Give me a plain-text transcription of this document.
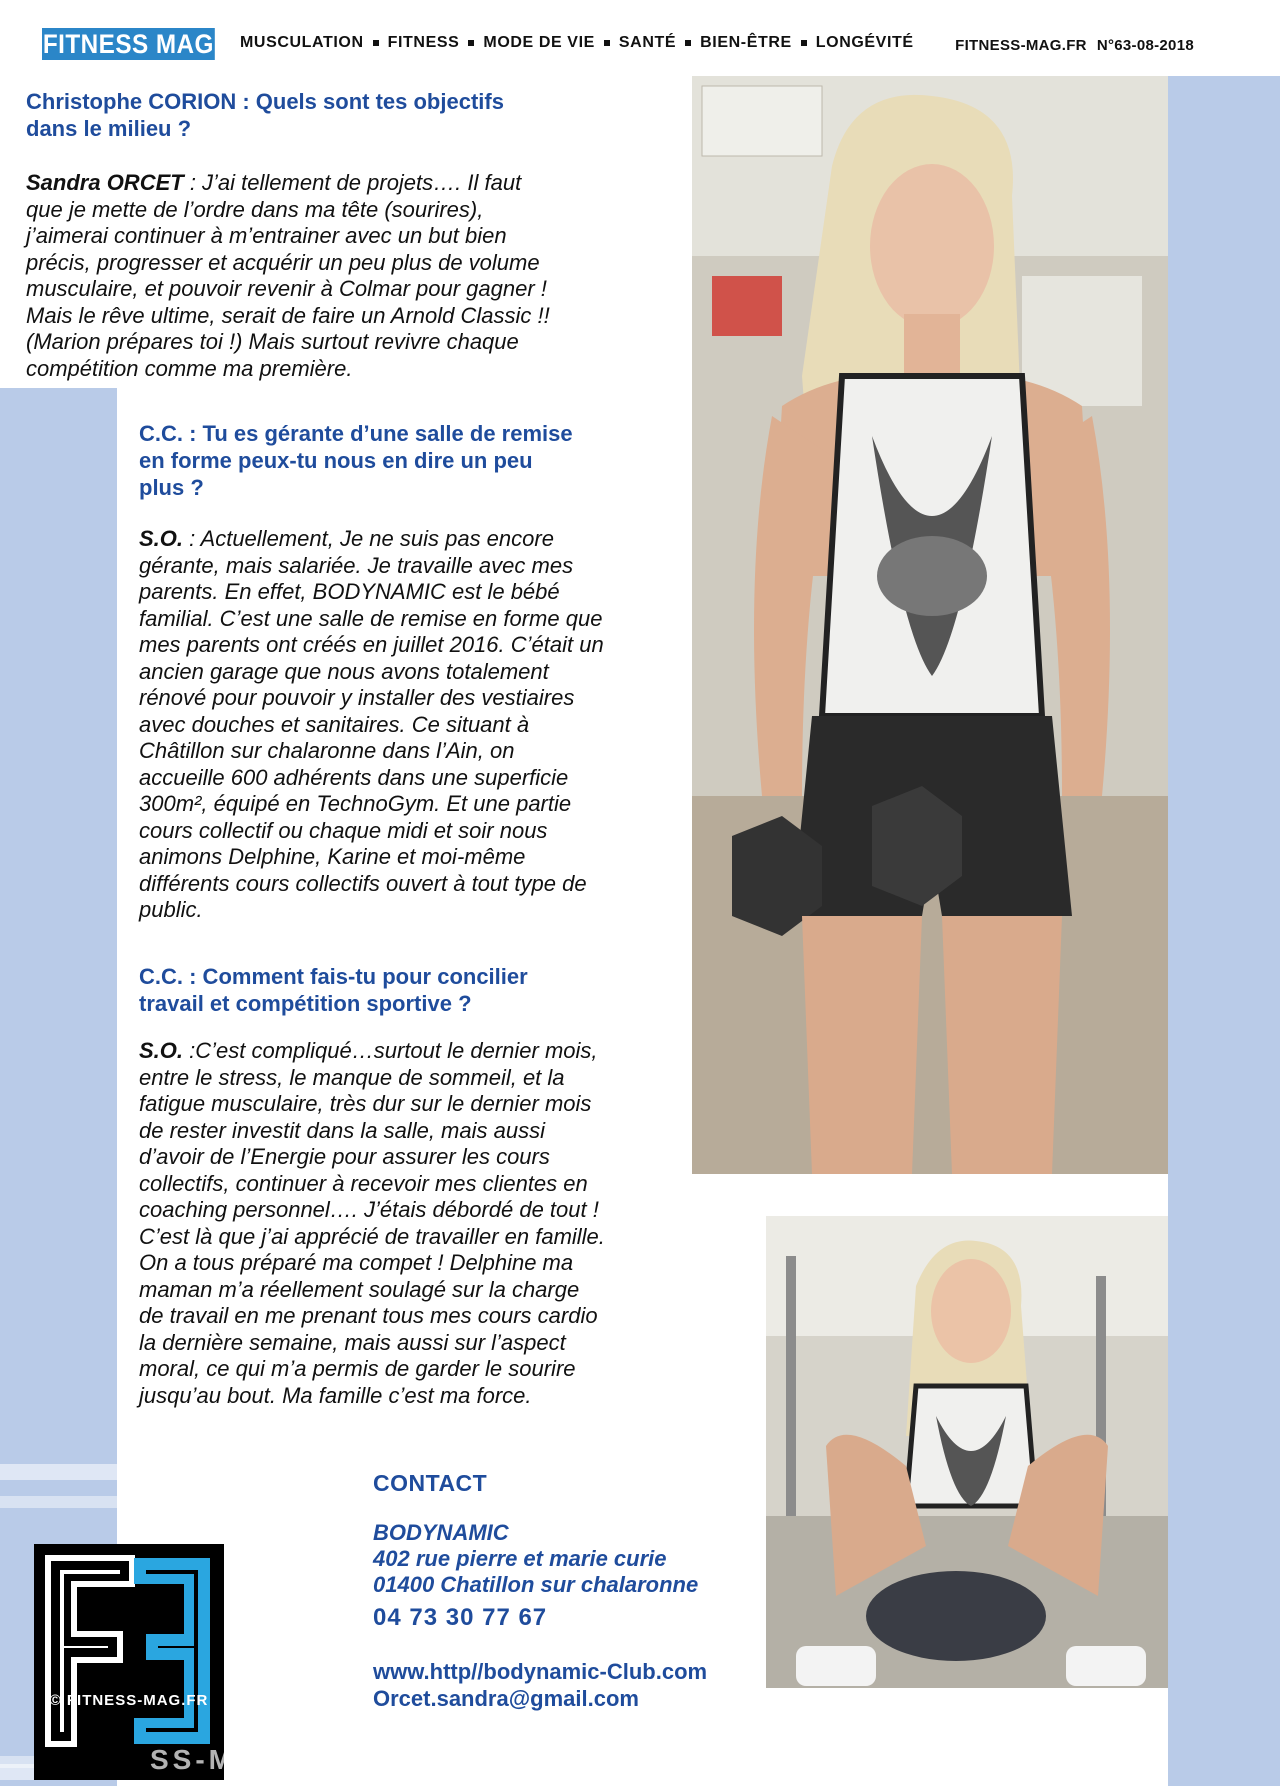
FITNESS MAG MUSCULATION FITNESS MODE DE VIE SANTÉ BIEN-ÊTRE LONGÉVITÉ	FITNESS-MAG.FR N°63-08-2018
Christophe CORION : Quels sont tes objectifs
dans le milieu ?
Sandra ORCET : J’ai tellement de projets…. Il faut
que je mette de l’ordre dans ma tête (sourires),
j’aimerai continuer à m’entrainer avec un but bien
précis, progresser et acquérir un peu plus de volume
musculaire, et pouvoir revenir à Colmar pour gagner !
Mais le rêve ultime, serait de faire un Arnold Classic !!
(Marion prépares toi !) Mais surtout revivre chaque
compétition comme ma première.
C.C. : Tu es gérante d’une salle de remise
en forme peux-tu nous en dire un peu
plus ?
S.O. : Actuellement, Je ne suis pas encore
gérante, mais salariée. Je travaille avec mes
parents. En effet, BODYNAMIC est le bébé
familial. C’est une salle de remise en forme que
mes parents ont créés en juillet 2016. C’était un
ancien garage que nous avons totalement
rénové pour pouvoir y installer des vestiaires
avec douches et sanitaires. Ce situant à
Châtillon sur chalaronne dans l’Ain, on
accueille 600 adhérents dans une superficie
300m², équipé en TechnoGym. Et une partie
cours collectif ou chaque midi et soir nous
animons Delphine, Karine et moi-même
différents cours collectifs ouvert à tout type de
public.
C.C. : Comment fais-tu pour concilier
travail et compétition sportive ?
S.O. :C’est compliqué…surtout le dernier mois,
entre le stress, le manque de sommeil, et la
fatigue musculaire, très dur sur le dernier mois
de rester investit dans la salle, mais aussi
d’avoir de l’Energie pour assurer les cours
collectifs, continuer à recevoir mes clientes en
coaching personnel…. J’étais débordé de tout !
C’est là que j’ai apprécié de travailler en famille.
On a tous préparé ma compet ! Delphine ma
maman m’a réellement soulagé sur la charge
de travail en me prenant tous mes cours cardio
la dernière semaine, mais aussi sur l’aspect
moral, ce qui m’a permis de garder le sourire
jusqu’au bout. Ma famille c’est ma force.
CONTACT
BODYNAMIC
402 rue pierre et marie curie
01400 Chatillon sur chalaronne
04 73 30 77 67
www.http//bodynamic-Club.com
Orcet.sandra@gmail.com
© FITNESS-MAG.FR
SS-MAG.FR
